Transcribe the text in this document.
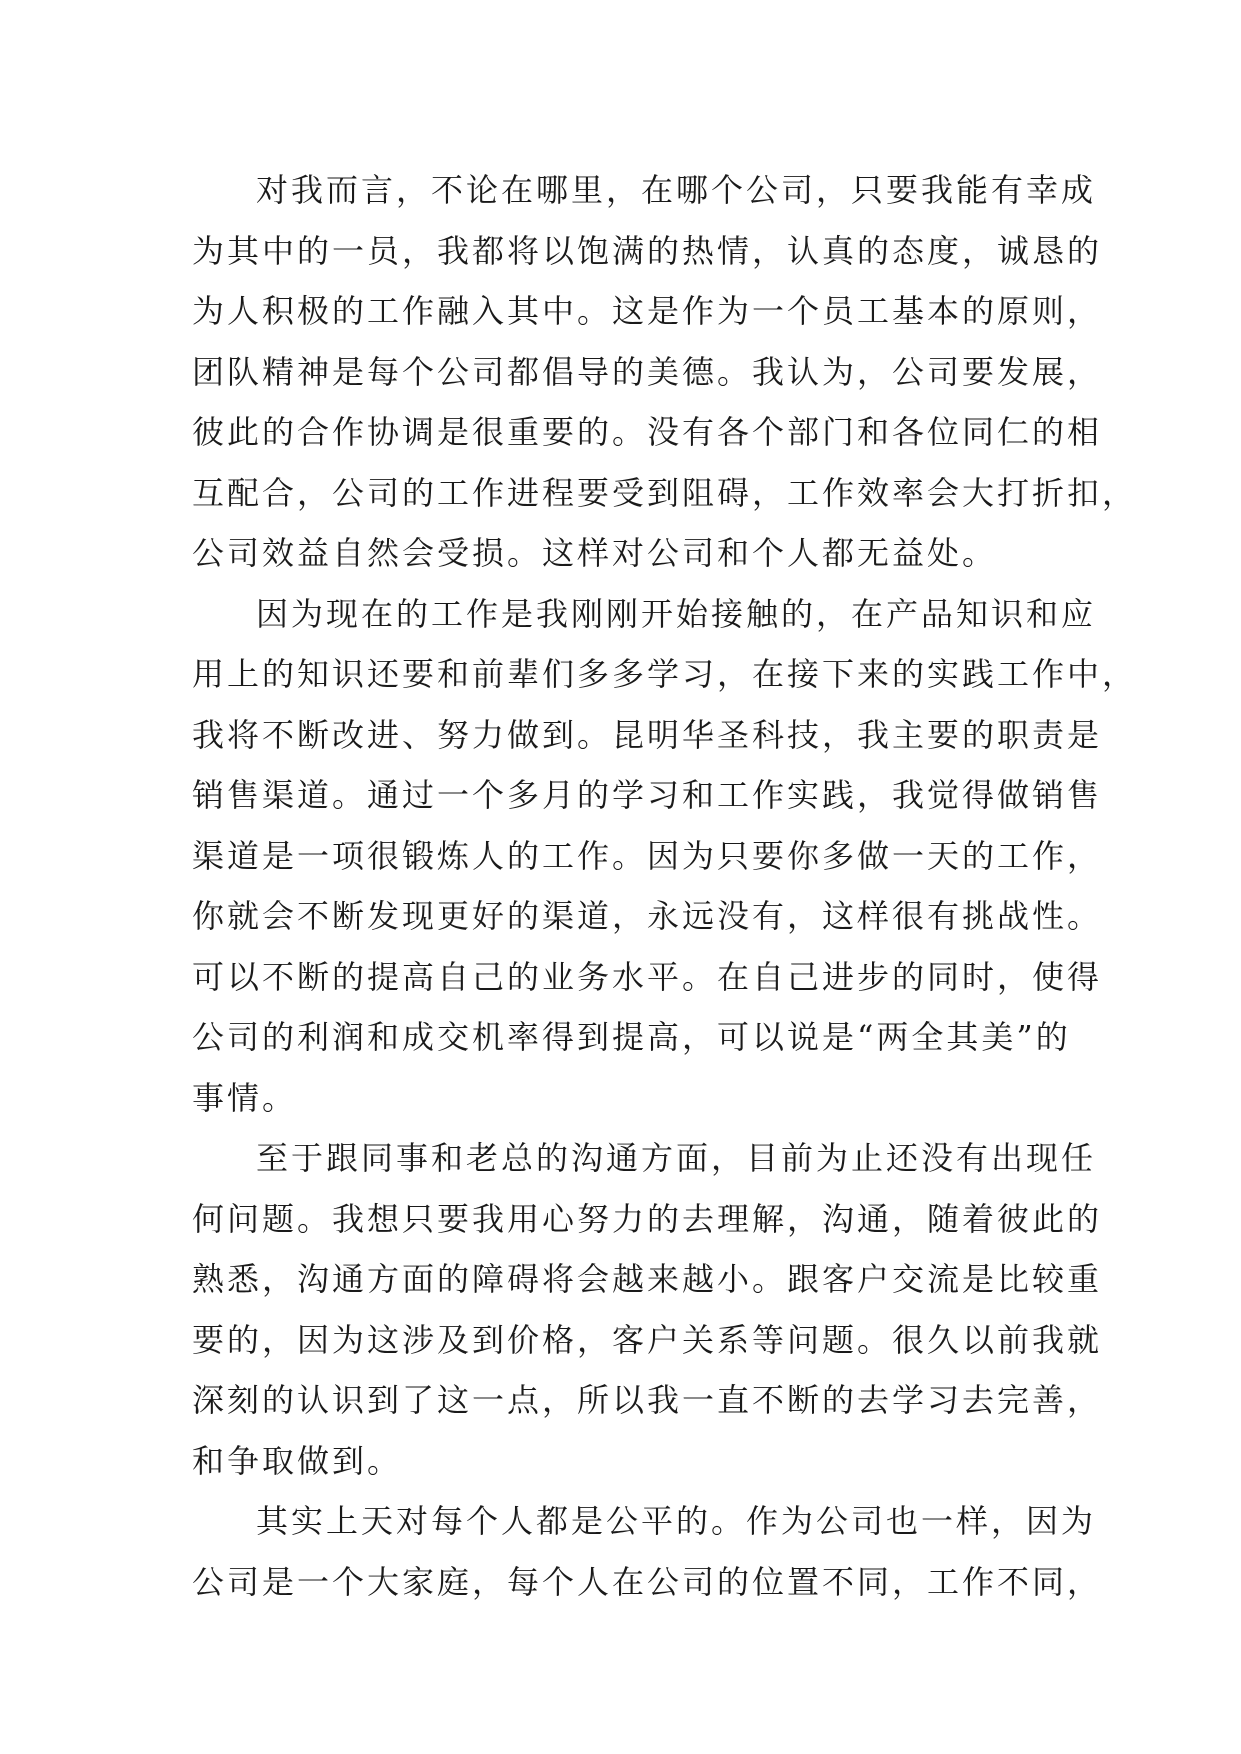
对我而言，不论在哪里，在哪个公司，只要我能有幸成
为其中的一员，我都将以饱满的热情，认真的态度，诚恳的
为人积极的工作融入其中。这是作为一个员工基本的原则，
团队精神是每个公司都倡导的美德。我认为，公司要发展，
彼此的合作协调是很重要的。没有各个部门和各位同仁的相
互配合，公司的工作进程要受到阻碍，工作效率会大打折扣，
公司效益自然会受损。这样对公司和个人都无益处。
因为现在的工作是我刚刚开始接触的，在产品知识和应
用上的知识还要和前辈们多多学习，在接下来的实践工作中，
我将不断改进、努力做到。昆明华圣科技，我主要的职责是
销售渠道。通过一个多月的学习和工作实践，我觉得做销售
渠道是一项很锻炼人的工作。因为只要你多做一天的工作，
你就会不断发现更好的渠道，永远没有，这样很有挑战性。
可以不断的提高自己的业务水平。在自己进步的同时，使得
公司的利润和成交机率得到提高，可以说是“两全其美”的
事情。
至于跟同事和老总的沟通方面，目前为止还没有出现任
何问题。我想只要我用心努力的去理解，沟通，随着彼此的
熟悉，沟通方面的障碍将会越来越小。跟客户交流是比较重
要的，因为这涉及到价格，客户关系等问题。很久以前我就
深刻的认识到了这一点，所以我一直不断的去学习去完善，
和争取做到。
其实上天对每个人都是公平的。作为公司也一样，因为
公司是一个大家庭，每个人在公司的位置不同，工作不同，
